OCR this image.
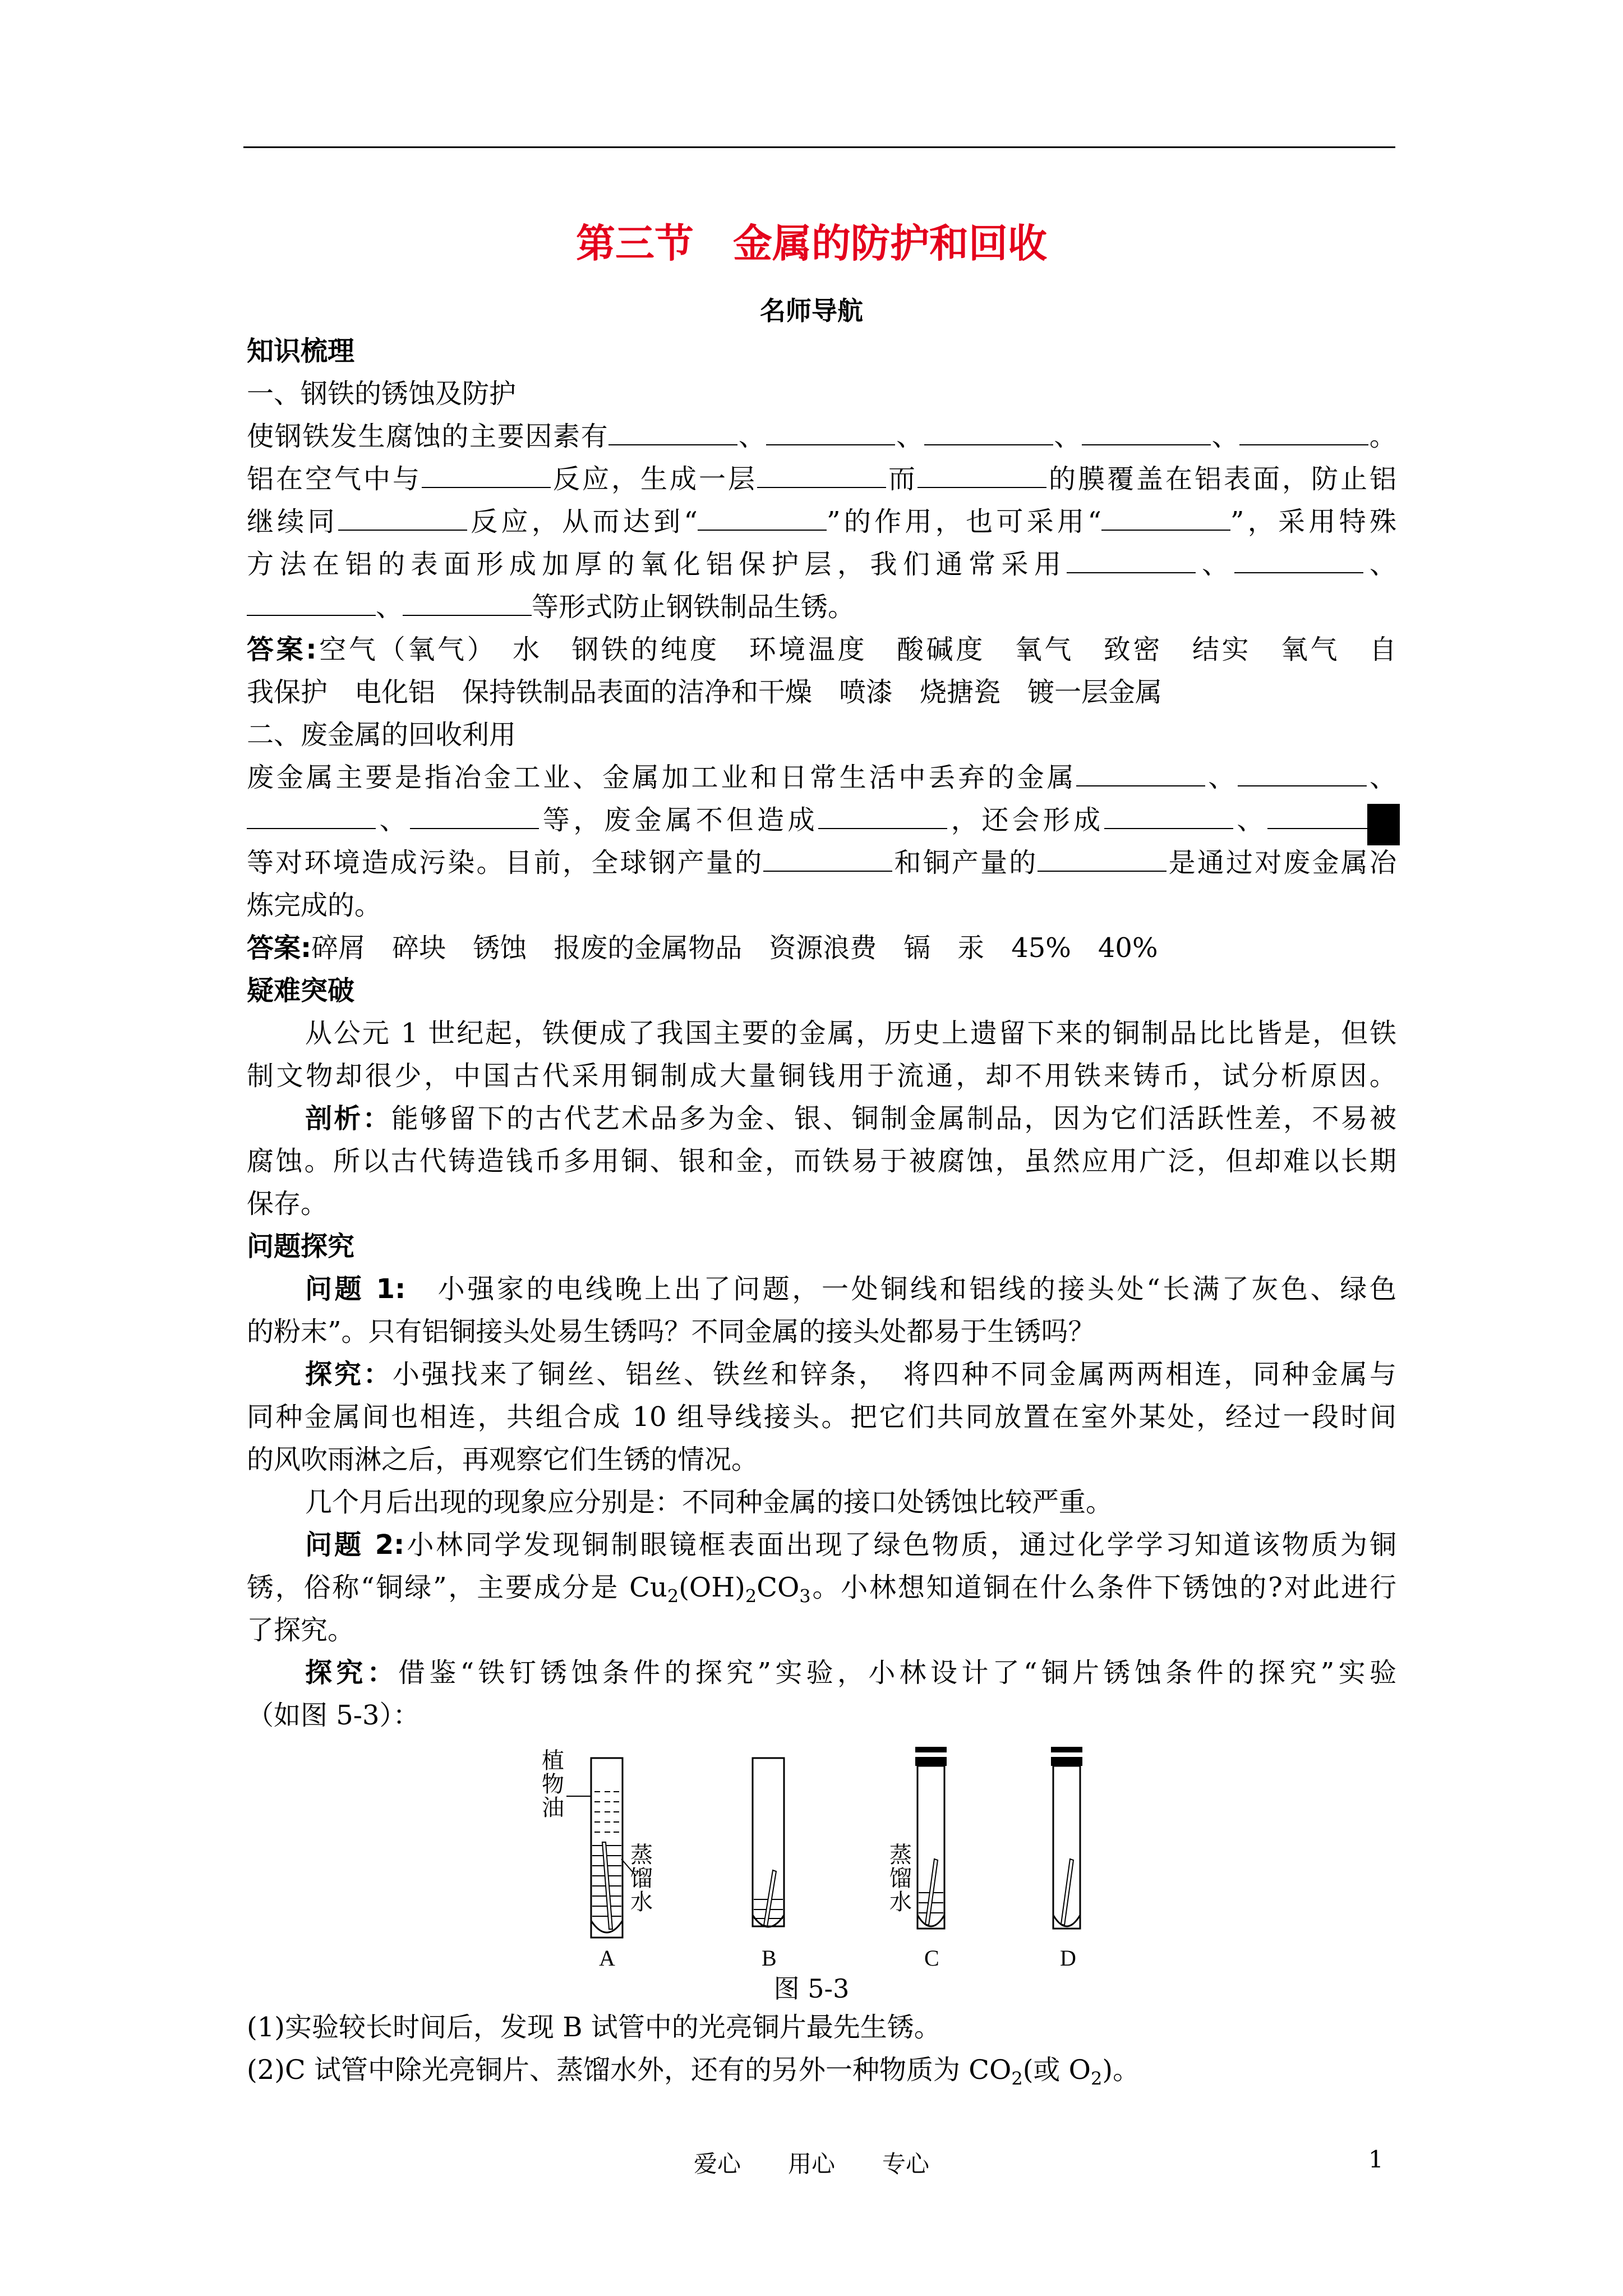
第三节　金属的防护和回收
名师导航
知识梳理
一、钢铁的锈蚀及防护
使钢铁发生腐蚀的主要因素有	、	、	、	、	。
铝在空气中与	反应，生成一层	而	的膜覆盖在铝表面，防止铝
继续同	反应，从而达到“	”的作用，也可采用“	”，采用特殊
方法在铝的表面形成加厚的氧化铝保护层，我们通常采用	、	、
、	等形式防止钢铁制品生锈。
答案:空气（氧气）　水　钢铁的纯度　环境温度　酸碱度　氧气　致密　结实　氧气　自
我保护　电化铝　保持铁制品表面的洁净和干燥　喷漆　烧搪瓷　镀一层金属
二、废金属的回收利用
废金属主要是指冶金工业、金属加工业和日常生活中丢弃的金属	、	、
、	等，废金属不但造成	，还会形成	、
等对环境造成污染。目前，全球钢产量的	和铜产量的	是通过对废金属冶
炼完成的。
答案:碎屑　碎块　锈蚀　报废的金属物品　资源浪费　镉　汞　45%　40%
疑难突破
从公元 1 世纪起，铁便成了我国主要的金属，历史上遗留下来的铜制品比比皆是，但铁
制文物却很少，中国古代采用铜制成大量铜钱用于流通，却不用铁来铸币，试分析原因。
剖析：能够留下的古代艺术品多为金、银、铜制金属制品，因为它们活跃性差，不易被
腐蚀。所以古代铸造钱币多用铜、银和金，而铁易于被腐蚀，虽然应用广泛，但却难以长期
保存。
问题探究
问题 1:　小强家的电线晚上出了问题，一处铜线和铝线的接头处“长满了灰色、绿色
的粉末”。只有铝铜接头处易生锈吗？不同金属的接头处都易于生锈吗？
探究：小强找来了铜丝、铝丝、铁丝和锌条，　将四种不同金属两两相连，同种金属与
同种金属间也相连，共组合成 10 组导线接头。把它们共同放置在室外某处，经过一段时间
的风吹雨淋之后，再观察它们生锈的情况。
几个月后出现的现象应分别是：不同种金属的接口处锈蚀比较严重。
问题 2:小林同学发现铜制眼镜框表面出现了绿色物质，通过化学学习知道该物质为铜
锈，俗称“铜绿”，主要成分是 $Cu_2(OH)_2CO_3$。小林想知道铜在什么条件下锈蚀的?对此进行
了探究。
探究：借鉴“铁钉锈蚀条件的探究”实验，小林设计了“铜片锈蚀条件的探究”实验
（如图 5-3）：
植
物
油
蒸
馏
水
蒸
馏
水
A	B	C	D
图 5-3
(1)实验较长时间后，发现 B 试管中的光亮铜片最先生锈。
(2)C 试管中除光亮铜片、蒸馏水外，还有的另外一种物质为 $CO_2$(或 $O_2$)。
爱心　　用心　　专心	1
